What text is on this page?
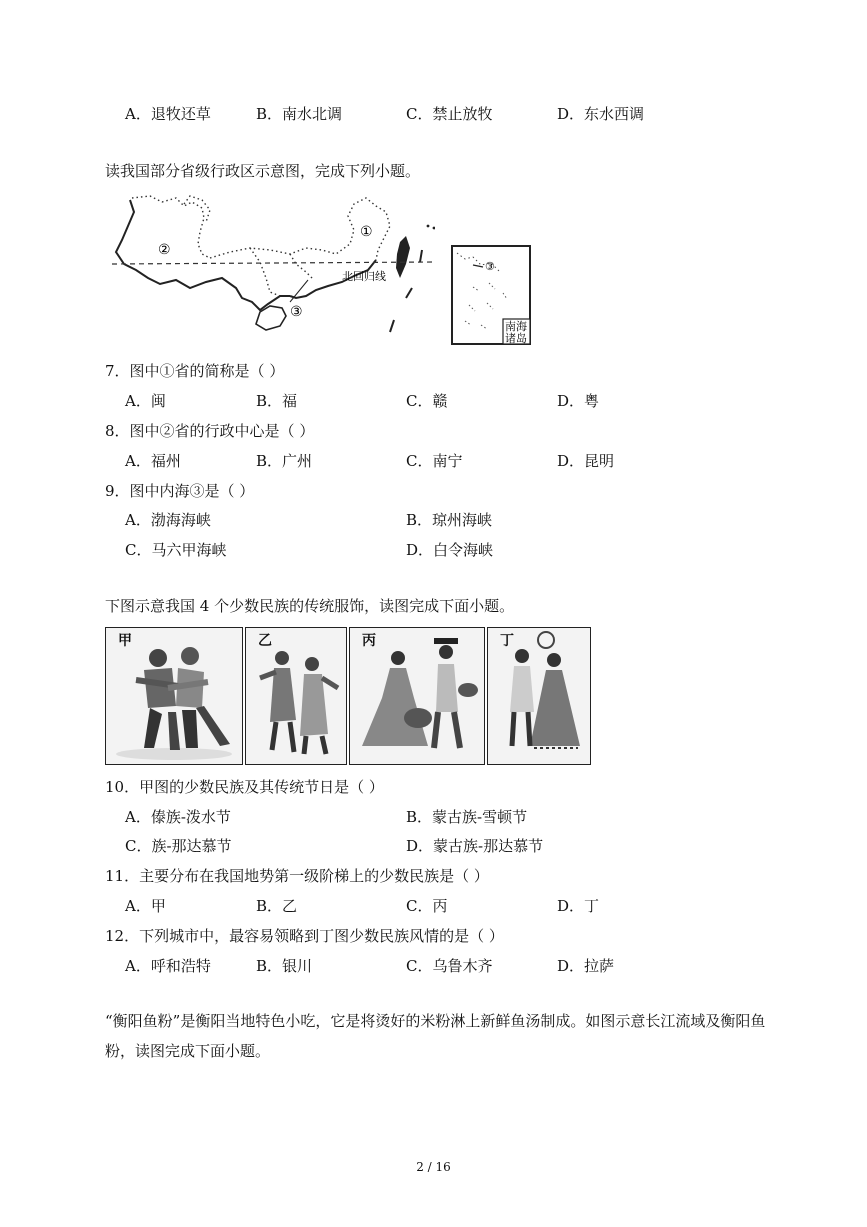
A．退牧还草	B．南水北调	C．禁止放牧	D．东水西调
读我国部分省级行政区示意图，完成下列小题。
①
②
③
北回归线
③
南海
诸岛
7．图中①省的简称是（ ）
A．闽	B．福	C．赣	D．粤
8．图中②省的行政中心是（ ）
A．福州	B．广州	C．南宁	D．昆明
9．图中内海③是（ ）
A．渤海海峡	B．琼州海峡
C．马六甲海峡	D．白令海峡
下图示意我国 4 个少数民族的传统服饰，读图完成下面小题。
甲	乙	丙	丁
10．甲图的少数民族及其传统节日是（ ）
A．傣族-泼水节	B．蒙古族-雪顿节
C．族-那达慕节	D．蒙古族-那达慕节
11．主要分布在我国地势第一级阶梯上的少数民族是（ ）
A．甲	B．乙	C．丙	D．丁
12．下列城市中，最容易领略到丁图少数民族风情的是（ ）
A．呼和浩特	B．银川	C．乌鲁木齐	D．拉萨
“衡阳鱼粉”是衡阳当地特色小吃，它是将烫好的米粉淋上新鲜鱼汤制成。如图示意长江流域及衡阳鱼粉，读图完成下面小题。
2 / 16
